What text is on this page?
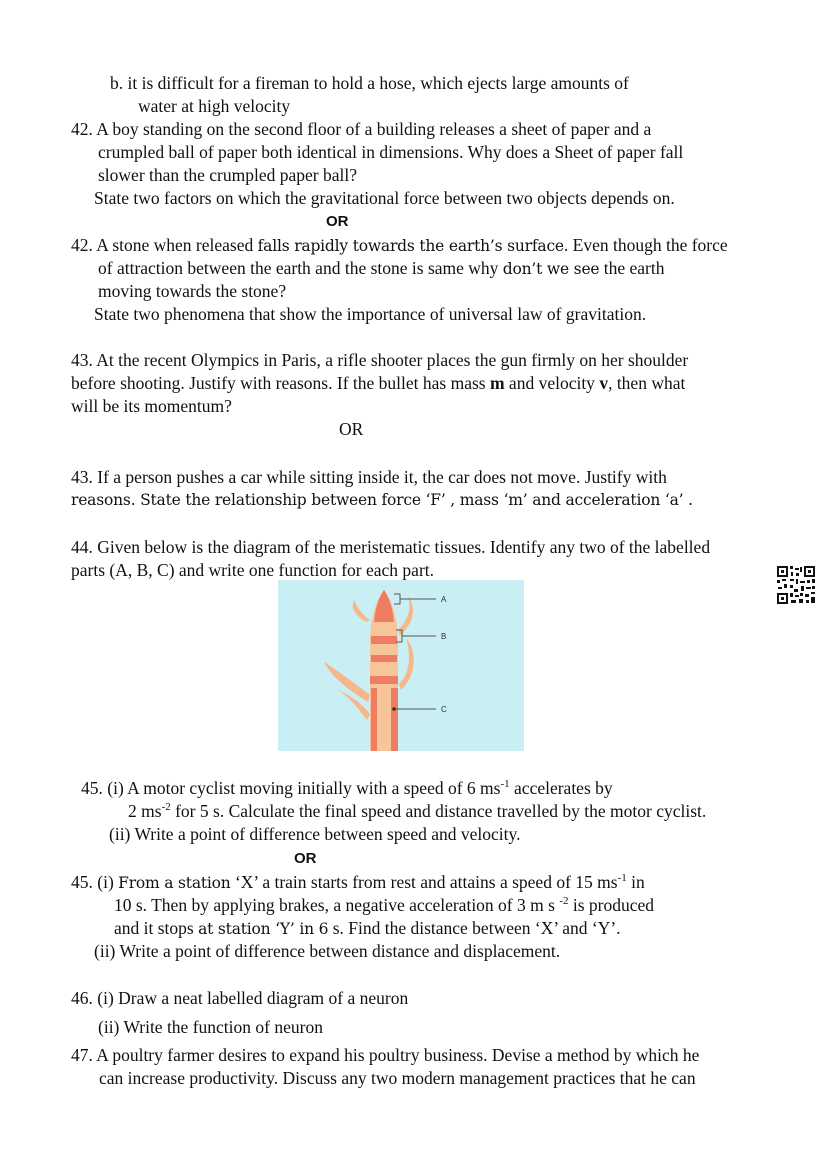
b. it is difficult for a fireman to hold a hose, which ejects large amounts of
water at high velocity
42. A boy standing on the second floor of a building releases a sheet of paper and a
crumpled ball of paper both identical in dimensions. Why does a Sheet of paper fall
slower than the crumpled paper ball?
State two factors on which the gravitational force between two objects depends on.
OR
42. A stone when released falls rapidly towards the earth’s surface. Even though the force
of attraction between the earth and the stone is same why don’t we see the earth
moving towards the stone?
State two phenomena that show the importance of universal law of gravitation.
43. At the recent Olympics in Paris, a rifle shooter places the gun firmly on her shoulder
before shooting. Justify with reasons. If the bullet has mass m and velocity v, then what
will be its momentum?
OR
43. If a person pushes a car while sitting inside it, the car does not move. Justify with
reasons. State the relationship between force ‘F’ , mass ‘m’ and acceleration ‘a’ .
44. Given below is the diagram of the meristematic tissues. Identify any two of the labelled
parts (A, B, C) and write one function for each part.
A
B
C
45. (i) A motor cyclist moving initially with a speed of 6 $ms^{-1}$ accelerates by
2 $ms^{-2}$ for 5 s. Calculate the final speed and distance travelled by the motor cyclist.
(ii) Write a point of difference between speed and velocity.
OR
45. (i) From a station ‘X’ a train starts from rest and attains a speed of 15 $ms^{-1}$ in
10 s. Then by applying brakes, a negative acceleration of 3 m s $^{-2}$ is produced
and it stops at station ‘Y’ in 6 s. Find the distance between ‘X’ and ‘Y’.
(ii) Write a point of difference between distance and displacement.
46. (i) Draw a neat labelled diagram of a neuron
(ii) Write the function of neuron
47. A poultry farmer desires to expand his poultry business. Devise a method by which he
can increase productivity. Discuss any two modern management practices that he can
